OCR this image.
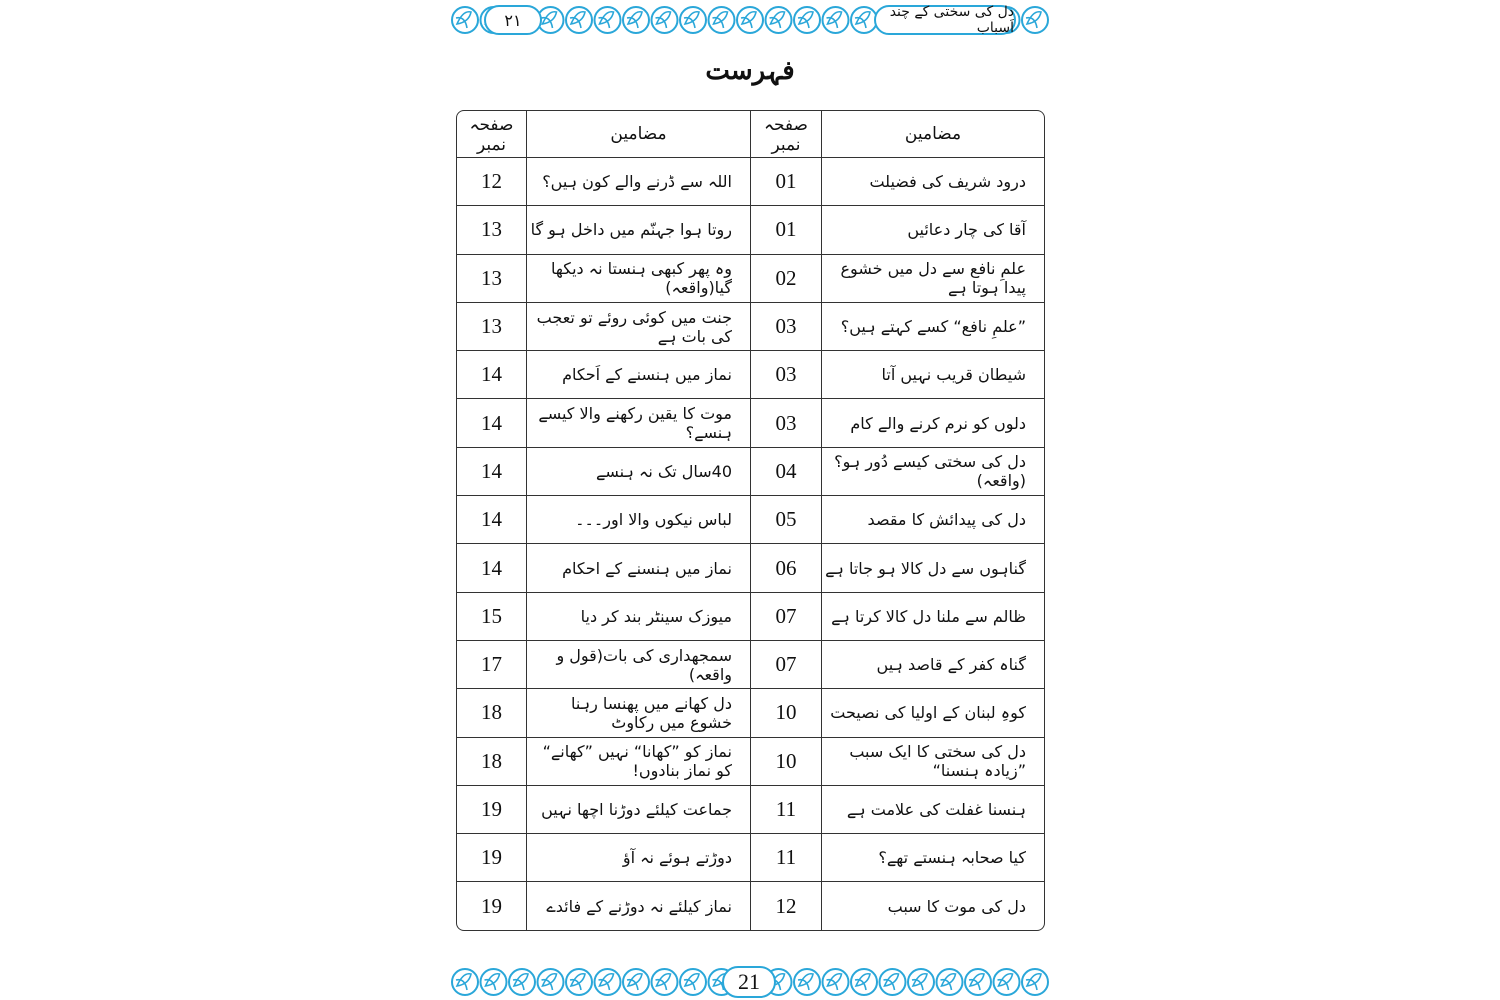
دل کی سختی کے چند اَسباب
۲۱
فہرست
مضامین	صفحہ نمبر	مضامین	صفحہ نمبر
درود شریف کی فضیلت	01	اللہ سے ڈرنے والے کون ہیں؟	12
آقا کی چار دعائیں	01	روتا ہوا جہنّم میں داخل ہو گا	13
علمِ نافع سے دل میں خشوع پیدا ہوتا ہے	02	وہ پھر کبھی ہنستا نہ دیکھا گیا(واقعہ)	13
”علمِ نافع“ کسے کہتے ہیں؟	03	جنت میں کوئی روئے تو تعجب کی بات ہے	13
شیطان قریب نہیں آتا	03	نماز میں ہنسنے کے اَحکام	14
دلوں کو نرم کرنے والے کام	03	موت کا یقین رکھنے والا کیسے ہنسے؟	14
دل کی سختی کیسے دُور ہو؟(واقعہ)	04	40سال تک نہ ہنسے	14
دل کی پیدائش کا مقصد	05	لباس نیکوں والا اور۔۔۔	14
گناہوں سے دل کالا ہو جاتا ہے	06	نماز میں ہنسنے کے احکام	14
ظالم سے ملنا دل کالا کرتا ہے	07	میوزک سینٹر بند کر دیا	15
گناہ کفر کے قاصد ہیں	07	سمجھداری کی بات(قول و واقعہ)	17
کوہِ لبنان کے اولیا کی نصیحت	10	دل کھانے میں پھنسا رہنا خشوع میں رکاوٹ	18
دل کی سختی کا ایک سبب ”زیادہ ہنسنا“	10	نماز کو ”کھانا“ نہیں ”کھانے“ کو نماز بنادوں!	18
ہنسنا غفلت کی علامت ہے	11	جماعت کیلئے دوڑنا اچھا نہیں	19
کیا صحابہ ہنستے تھے؟	11	دوڑتے ہوئے نہ آؤ	19
دل کی موت کا سبب	12	نماز کیلئے نہ دوڑنے کے فائدے	19
21
